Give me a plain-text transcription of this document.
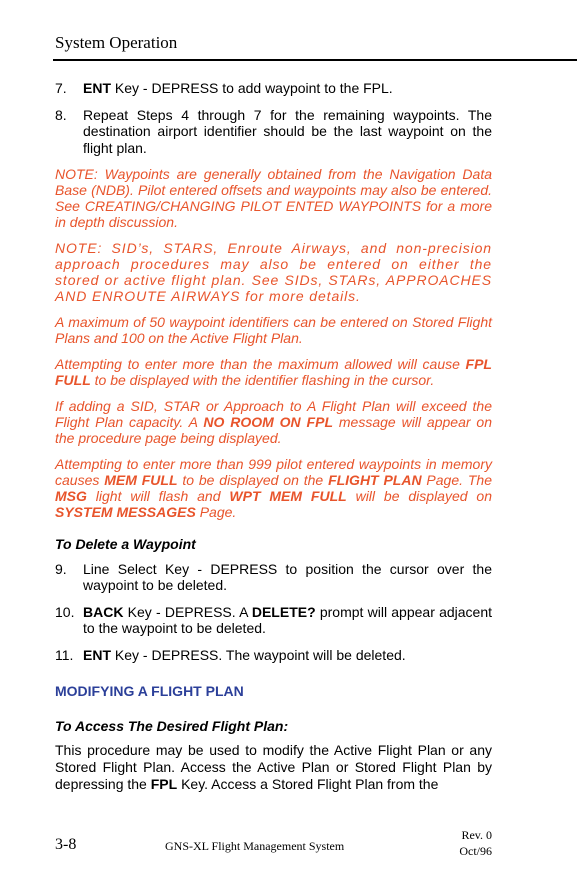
System Operation
7.	ENT Key - DEPRESS to add waypoint to the FPL.
8.	Repeat Steps 4 through 7 for the remaining waypoints. The destination airport identifier should be the last waypoint on the flight plan.

NOTE: Waypoints are generally obtained from the Navigation Data Base (NDB). Pilot entered offsets and waypoints may also be entered. See CREATING/CHANGING PILOT ENTED WAYPOINTS for a more in depth discussion.

NOTE: SID’s, STARS, Enroute Airways, and non-precision approach procedures may also be entered on either the stored or active flight plan. See SIDs, STARs, APPROACHES AND ENROUTE AIRWAYS for more details.

A maximum of 50 waypoint identifiers can be entered on Stored Flight Plans and 100 on the Active Flight Plan.

Attempting to enter more than the maximum allowed will cause FPL FULL to be displayed with the identifier flashing in the cursor.

If adding a SID, STAR or Approach to A Flight Plan will exceed the Flight Plan capacity. A NO ROOM ON FPL message will appear on the procedure page being displayed.

Attempting to enter more than 999 pilot entered waypoints in memory causes MEM FULL to be displayed on the FLIGHT PLAN Page. The MSG light will flash and WPT MEM FULL will be displayed on SYSTEM MESSAGES Page.

To Delete a Waypoint
9.	Line Select Key - DEPRESS to position the cursor over the waypoint to be deleted.
10. BACK Key - DEPRESS. A DELETE? prompt will appear adjacent to the waypoint to be deleted.
11. ENT Key - DEPRESS. The waypoint will be deleted.
MODIFYING A FLIGHT PLAN
To Access The Desired Flight Plan:

This procedure may be used to modify the Active Flight Plan or any Stored Flight Plan. Access the Active Plan or Stored Flight Plan by depressing the FPL Key. Access a Stored Flight Plan from the

3-8	GNS-XL Flight Management System
Rev. 0
Oct/96
